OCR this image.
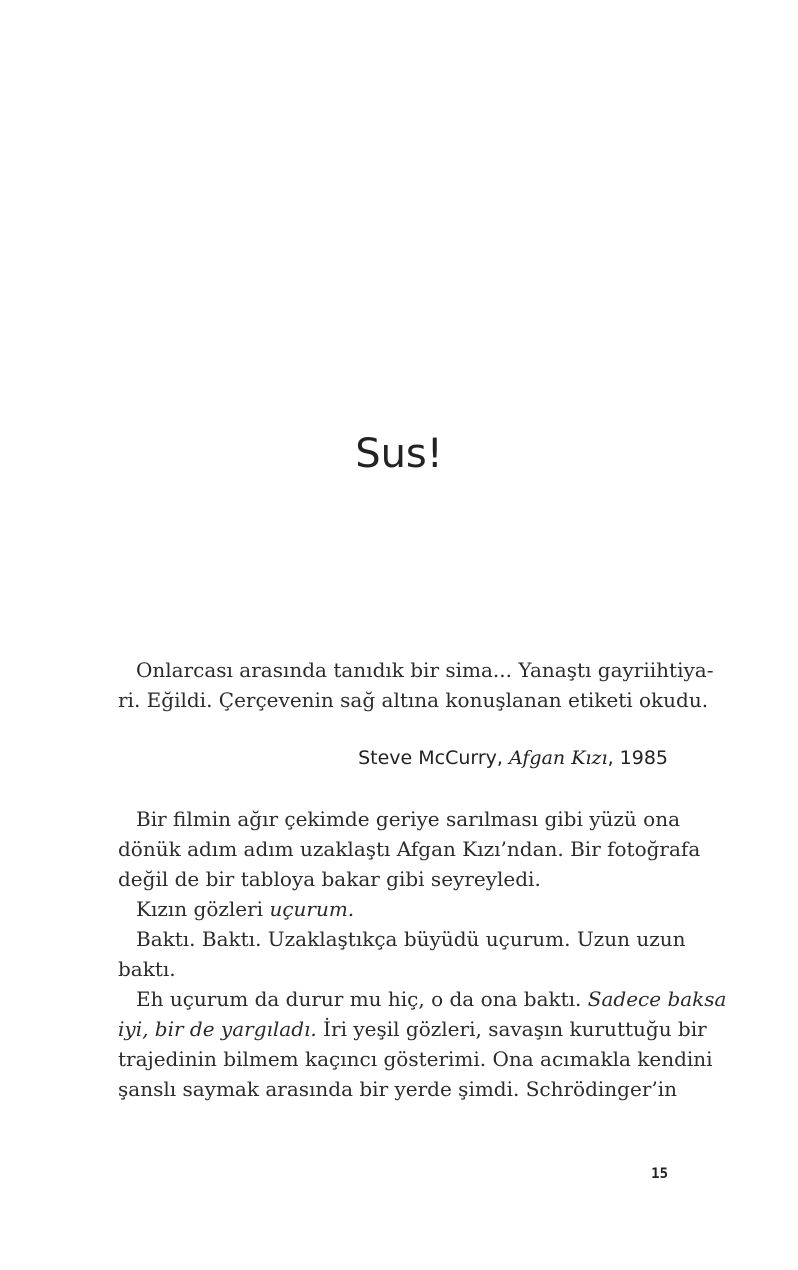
Sus!
Onlarcası arasında tanıdık bir sima... Yanaştı gayriihtiya-
ri. Eğildi. Çerçevenin sağ altına konuşlanan etiketi okudu.
Steve McCurry, Afgan Kızı, 1985
Bir filmin ağır çekimde geriye sarılması gibi yüzü ona
dönük adım adım uzaklaştı Afgan Kızı’ndan. Bir fotoğrafa
değil de bir tabloya bakar gibi seyreyledi.
Kızın gözleri uçurum.
Baktı. Baktı. Uzaklaştıkça büyüdü uçurum. Uzun uzun
baktı.
Eh uçurum da durur mu hiç, o da ona baktı. Sadece baksa
iyi, bir de yargıladı. İri yeşil gözleri, savaşın kuruttuğu bir
trajedinin bilmem kaçıncı gösterimi. Ona acımakla kendini
şanslı saymak arasında bir yerde şimdi. Schrödinger’in
15
